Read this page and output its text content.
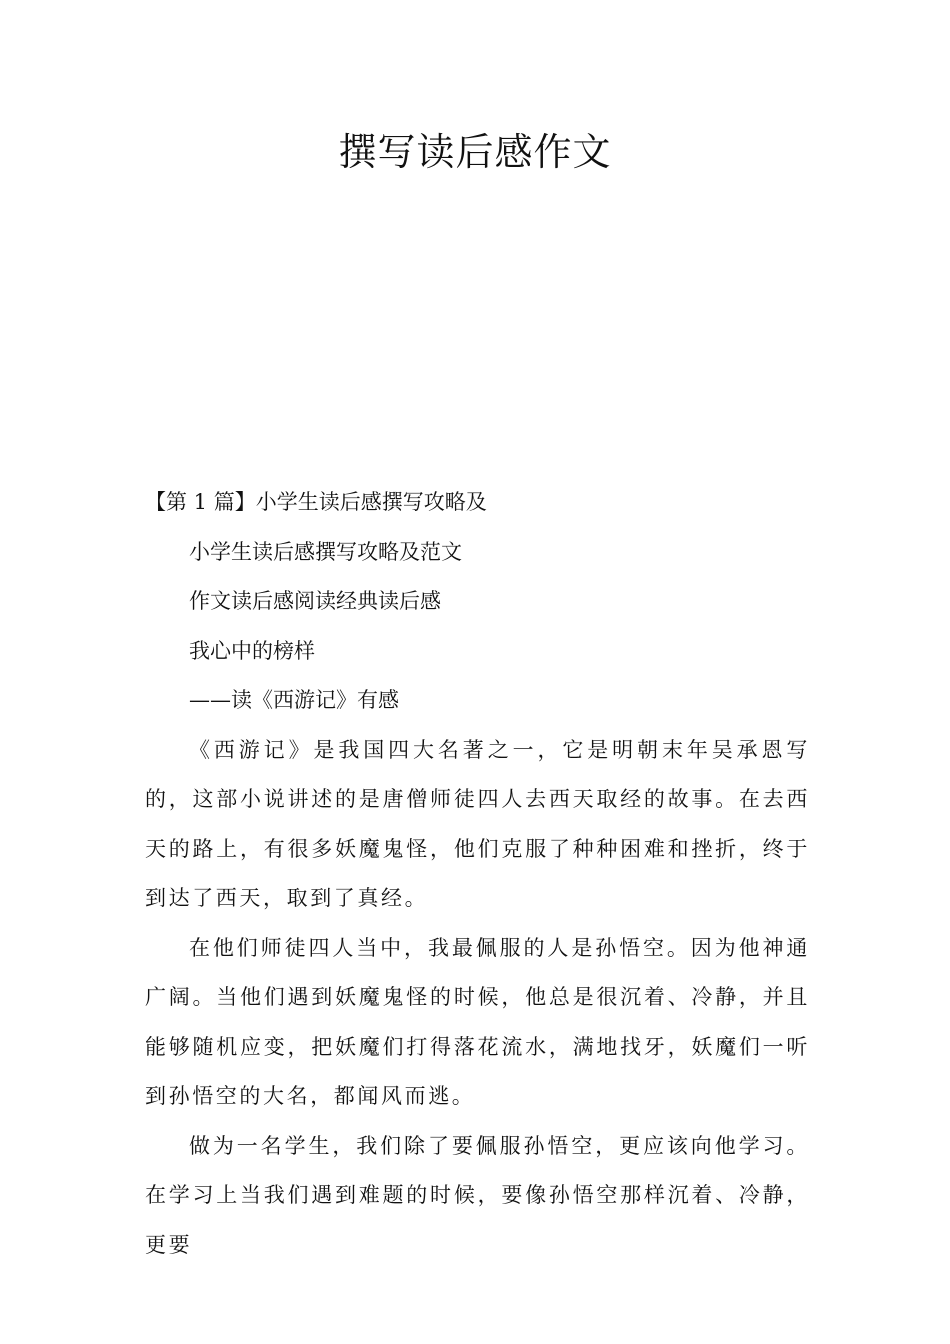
撰写读后感作文

【第 1 篇】小学生读后感撰写攻略及

小学生读后感撰写攻略及范文

作文读后感阅读经典读后感

我心中的榜样

——读《西游记》有感

《西游记》是我国四大名著之一，它是明朝末年吴承恩写的，这部小说讲述的是唐僧师徒四人去西天取经的故事。在去西天的路上，有很多妖魔鬼怪，他们克服了种种困难和挫折，终于到达了西天，取到了真经。

在他们师徒四人当中，我最佩服的人是孙悟空。因为他神通广阔。当他们遇到妖魔鬼怪的时候，他总是很沉着、冷静，并且能够随机应变，把妖魔们打得落花流水，满地找牙，妖魔们一听到孙悟空的大名，都闻风而逃。

做为一名学生，我们除了要佩服孙悟空，更应该向他学习。在学习上当我们遇到难题的时候，要像孙悟空那样沉着、冷静，更要
